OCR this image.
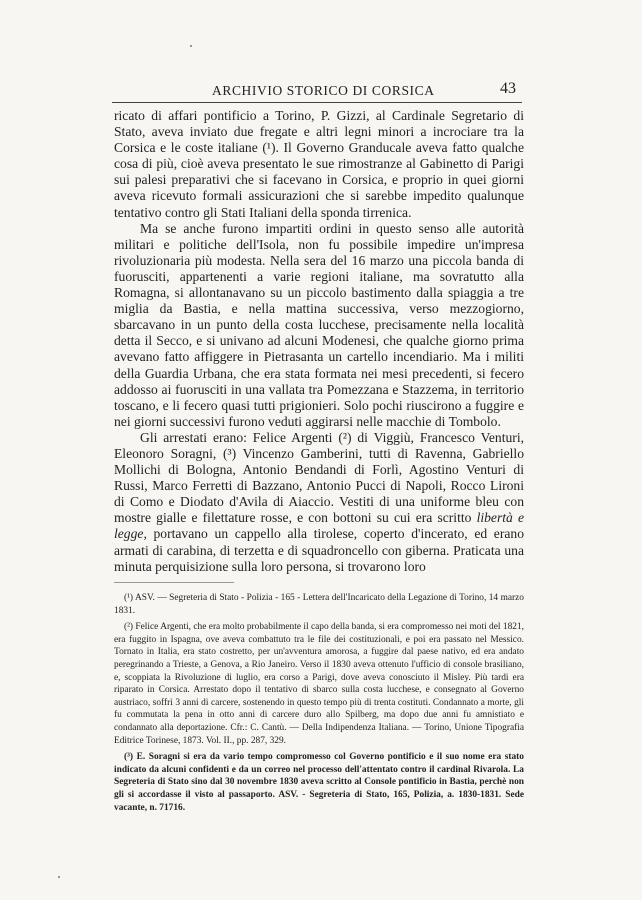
ARCHIVIO STORICO DI CORSICA	43

ricato di affari pontificio a Torino, P. Gizzi, al Cardinale Segretario di Stato, aveva inviato due fregate e altri legni minori a incrociare tra la Corsica e le coste italiane (¹). Il Governo Granducale aveva fatto qualche cosa di più, cioè aveva presentato le sue rimostranze al Gabinetto di Parigi sui palesi preparativi che si facevano in Corsica, e proprio in quei giorni aveva ricevuto formali assicurazioni che si sarebbe impedito qualunque tentativo contro gli Stati Italiani della sponda tirrenica.

Ma se anche furono impartiti ordini in questo senso alle autorità militari e politiche dell'Isola, non fu possibile impedire un'impresa rivoluzionaria più modesta. Nella sera del 16 marzo una piccola banda di fuorusciti, appartenenti a varie regioni italiane, ma sovratutto alla Romagna, si allontanavano su un piccolo bastimento dalla spiaggia a tre miglia da Bastia, e nella mattina successiva, verso mezzogiorno, sbarcavano in un punto della costa lucchese, precisamente nella località detta il Secco, e si univano ad alcuni Modenesi, che qualche giorno prima avevano fatto affiggere in Pietrasanta un cartello incendiario. Ma i militi della Guardia Urbana, che era stata formata nei mesi precedenti, si fecero addosso ai fuorusciti in una vallata tra Pomezzana e Stazzema, in territorio toscano, e li fecero quasi tutti prigionieri. Solo pochi riuscirono a fuggire e nei giorni successivi furono veduti aggirarsi nelle macchie di Tombolo.

Gli arrestati erano: Felice Argenti (²) di Viggiù, Francesco Venturi, Eleonoro Soragni, (³) Vincenzo Gamberini, tutti di Ravenna, Gabriello Mollichi di Bologna, Antonio Bendandi di Forlì, Agostino Venturi di Russi, Marco Ferretti di Bazzano, Antonio Pucci di Napoli, Rocco Lironi di Como e Diodato d'Avila di Aiaccio. Vestiti di una uniforme bleu con mostre gialle e filettature rosse, e con bottoni su cui era scritto libertà e legge, portavano un cappello alla tirolese, coperto d'incerato, ed erano armati di carabina, di terzetta e di squadroncello con giberna. Praticata una minuta perquisizione sulla loro persona, si trovarono loro

(¹) ASV. — Segreteria di Stato - Polizia - 165 - Lettera dell'Incaricato della Legazione di Torino, 14 marzo 1831.

(²) Felice Argenti, che era molto probabilmente il capo della banda, si era compromesso nei moti del 1821, era fuggito in Ispagna, ove aveva combattuto tra le file dei costituzionali, e poi era passato nel Messico. Tornato in Italia, era stato costretto, per un'avventura amorosa, a fuggire dal paese nativo, ed era andato peregrinando a Trieste, a Genova, a Rio Janeiro. Verso il 1830 aveva ottenuto l'ufficio di console brasiliano, e, scoppiata la Rivoluzione di luglio, era corso a Parigi, dove aveva conosciuto il Misley. Più tardi era riparato in Corsica. Arrestato dopo il tentativo di sbarco sulla costa lucchese, e consegnato al Governo austriaco, soffrì 3 anni di carcere, sostenendo in questo tempo più di trenta costituti. Condannato a morte, gli fu commutata la pena in otto anni di carcere duro allo Spilberg, ma dopo due anni fu amnistiato e condannato alla deportazione. Cfr.: C. Cantù. — Della Indipendenza Italiana. — Torino, Unione Tipografia Editrice Torinese, 1873. Vol. II., pp. 287, 329.

(³) E. Soragni si era da vario tempo compromesso col Governo pontificio e il suo nome era stato indicato da alcuni confidenti e da un correo nel processo dell'attentato contro il cardinal Rivarola. La Segreteria di Stato sino dal 30 novembre 1830 aveva scritto al Console pontificio in Bastia, perchè non gli si accordasse il visto al passaporto. ASV. - Segreteria di Stato, 165, Polizia, a. 1830-1831. Sede vacante, n. 71716.
